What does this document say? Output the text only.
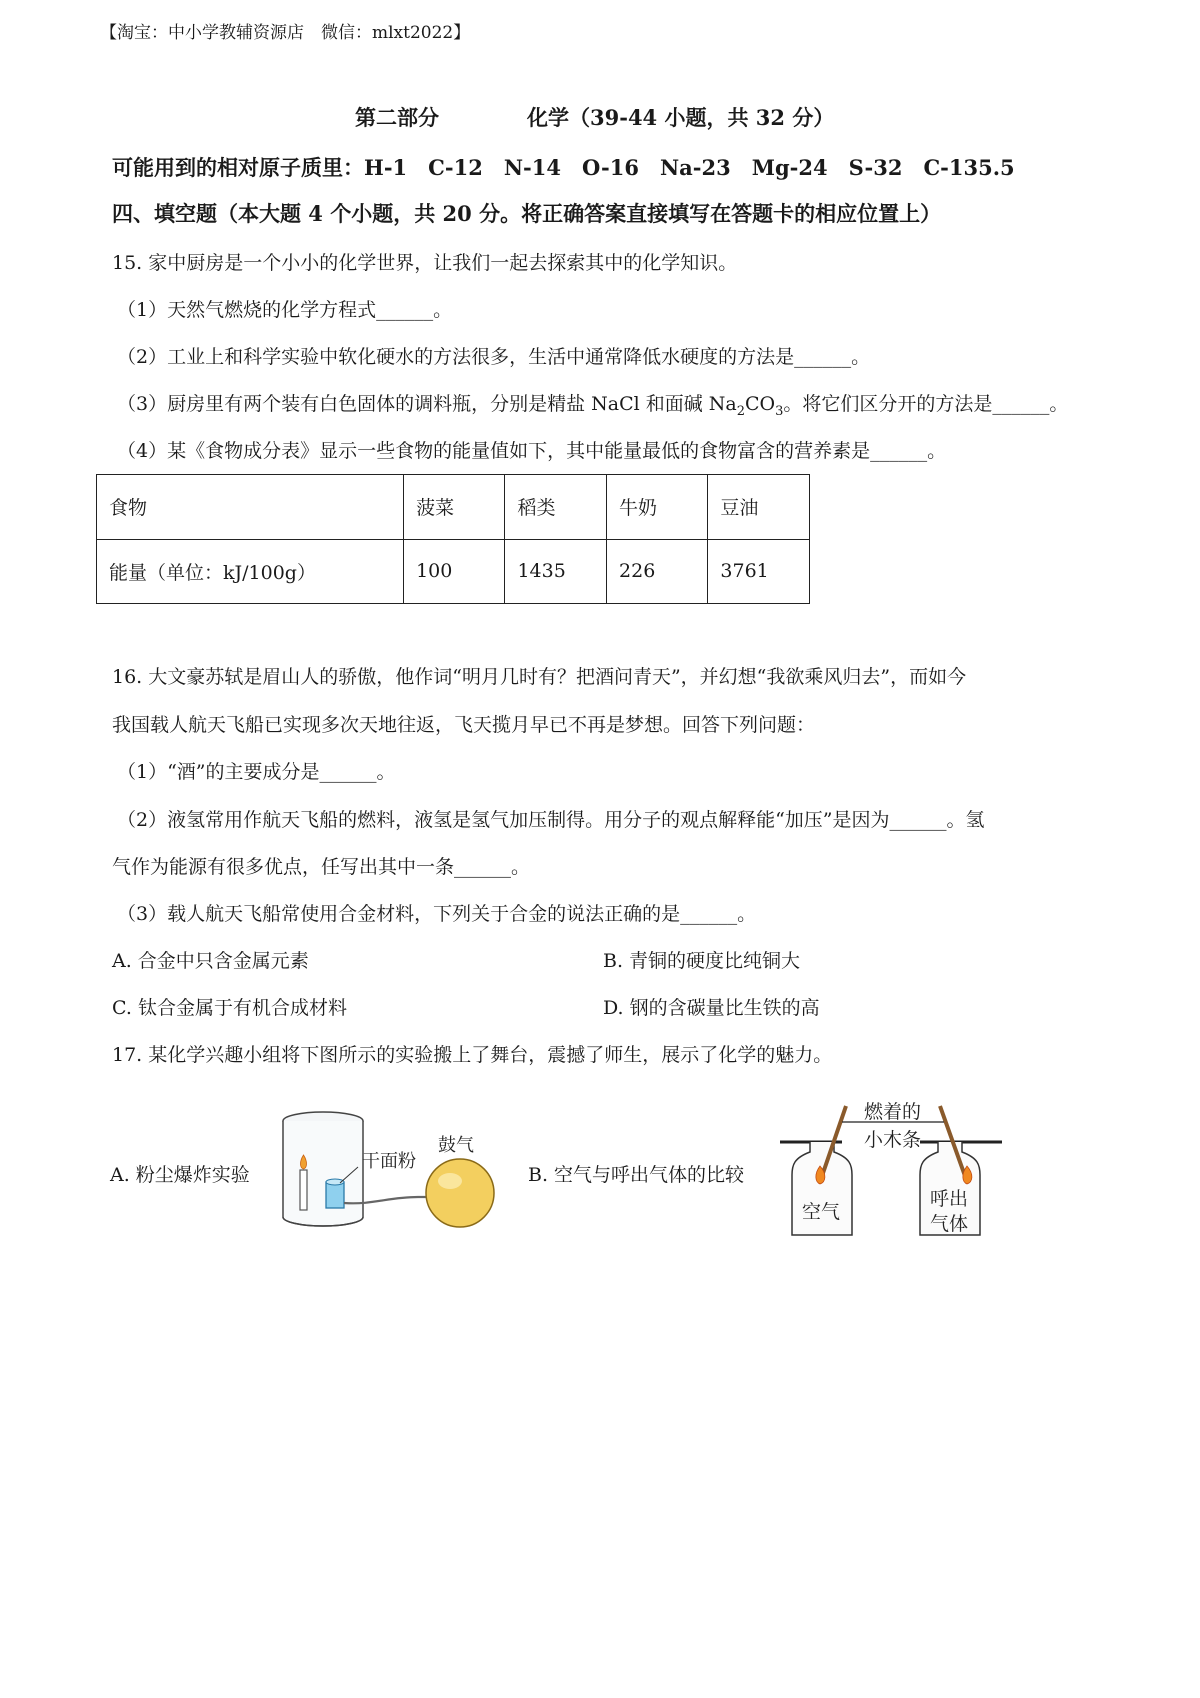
【淘宝：中小学教辅资源店　微信：mlxt2022】
第二部分	化学（39-44 小题，共 32 分）
可能用到的相对原子质里：H-1　C-12　N-14　O-16　Na-23　Mg-24　S-32　C-135.5
四、填空题（本大题 4 个小题，共 20 分。将正确答案直接填写在答题卡的相应位置上）
15. 家中厨房是一个小小的化学世界，让我们一起去探索其中的化学知识。
（1）天然气燃烧的化学方程式______。
（2）工业上和科学实验中软化硬水的方法很多，生活中通常降低水硬度的方法是______。
（3）厨房里有两个装有白色固体的调料瓶，分别是精盐 NaCl 和面碱 $Na_2CO_3$。将它们区分开的方法是______。
（4）某《食物成分表》显示一些食物的能量值如下，其中能量最低的食物富含的营养素是______。
食物	菠菜	稻类	牛奶	豆油
能量（单位：kJ/100g）	100	1435	226	3761
16. 大文豪苏轼是眉山人的骄傲，他作词“明月几时有？把酒问青天”，并幻想“我欲乘风归去”，而如今
我国载人航天飞船已实现多次天地往返，飞天揽月早已不再是梦想。回答下列问题：
（1）“酒”的主要成分是______。
（2）液氢常用作航天飞船的燃料，液氢是氢气加压制得。用分子的观点解释能“加压”是因为______。氢
气作为能源有很多优点，任写出其中一条______。
（3）载人航天飞船常使用合金材料，下列关于合金的说法正确的是______。
A. 合金中只含金属元素	B. 青铜的硬度比纯铜大
C. 钛合金属于有机合成材料	D. 钢的含碳量比生铁的高
17. 某化学兴趣小组将下图所示的实验搬上了舞台，震撼了师生，展示了化学的魅力。
A. 粉尘爆炸实验	B. 空气与呼出气体的比较
干面粉
鼓气
燃着的
小木条
空气
呼出
气体
